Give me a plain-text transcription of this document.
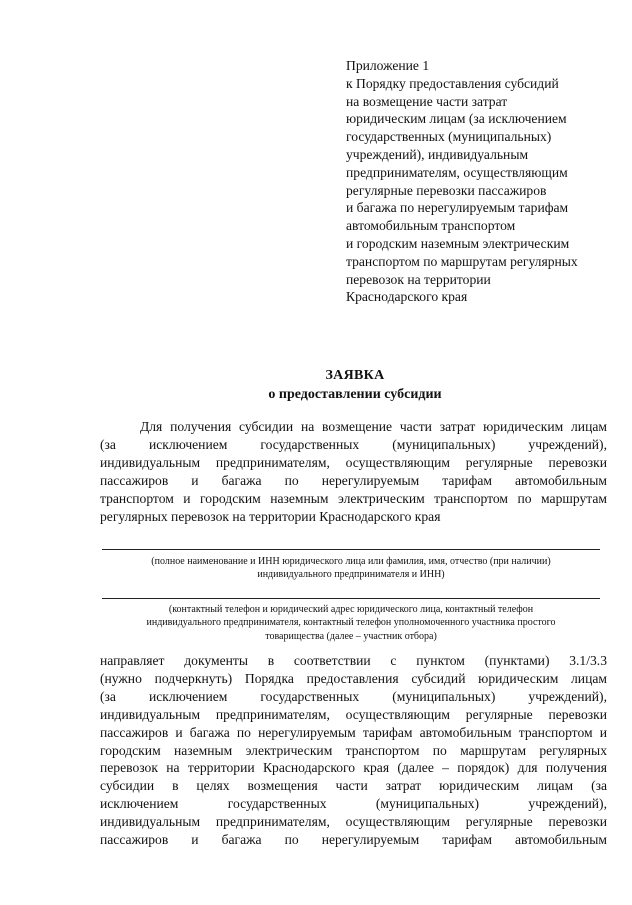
Приложение 1
к Порядку предоставления субсидий
на возмещение части затрат
юридическим лицам (за исключением
государственных (муниципальных)
учреждений), индивидуальным
предпринимателям, осуществляющим
регулярные перевозки пассажиров
и багажа по нерегулируемым тарифам
автомобильным транспортом
и городским наземным электрическим
транспортом по маршрутам регулярных
перевозок на территории
Краснодарского края
ЗАЯВКА
о предоставлении субсидии
Для получения субсидии на возмещение части затрат юридическим лицам
(за исключением государственных (муниципальных) учреждений),
индивидуальным предпринимателям, осуществляющим регулярные перевозки
пассажиров и багажа по нерегулируемым тарифам автомобильным
транспортом и городским наземным электрическим транспортом по маршрутам
регулярных перевозок на территории Краснодарского края
(полное наименование и ИНН юридического лица или фамилия, имя, отчество (при наличии)
индивидуального предпринимателя и ИНН)
(контактный телефон и юридический адрес юридического лица, контактный телефон
индивидуального предпринимателя, контактный телефон уполномоченного участника простого
товарищества (далее – участник отбора)
направляет документы в соответствии с пунктом (пунктами) 3.1/3.3
(нужно подчеркнуть) Порядка предоставления субсидий юридическим лицам
(за исключением государственных (муниципальных) учреждений),
индивидуальным предпринимателям, осуществляющим регулярные перевозки
пассажиров и багажа по нерегулируемым тарифам автомобильным транспортом и
городским наземным электрическим транспортом по маршрутам регулярных
перевозок на территории Краснодарского края (далее – порядок) для получения
субсидии в целях возмещения части затрат юридическим лицам (за
исключением государственных (муниципальных) учреждений),
индивидуальным предпринимателям, осуществляющим регулярные перевозки
пассажиров и багажа по нерегулируемым тарифам автомобильным
